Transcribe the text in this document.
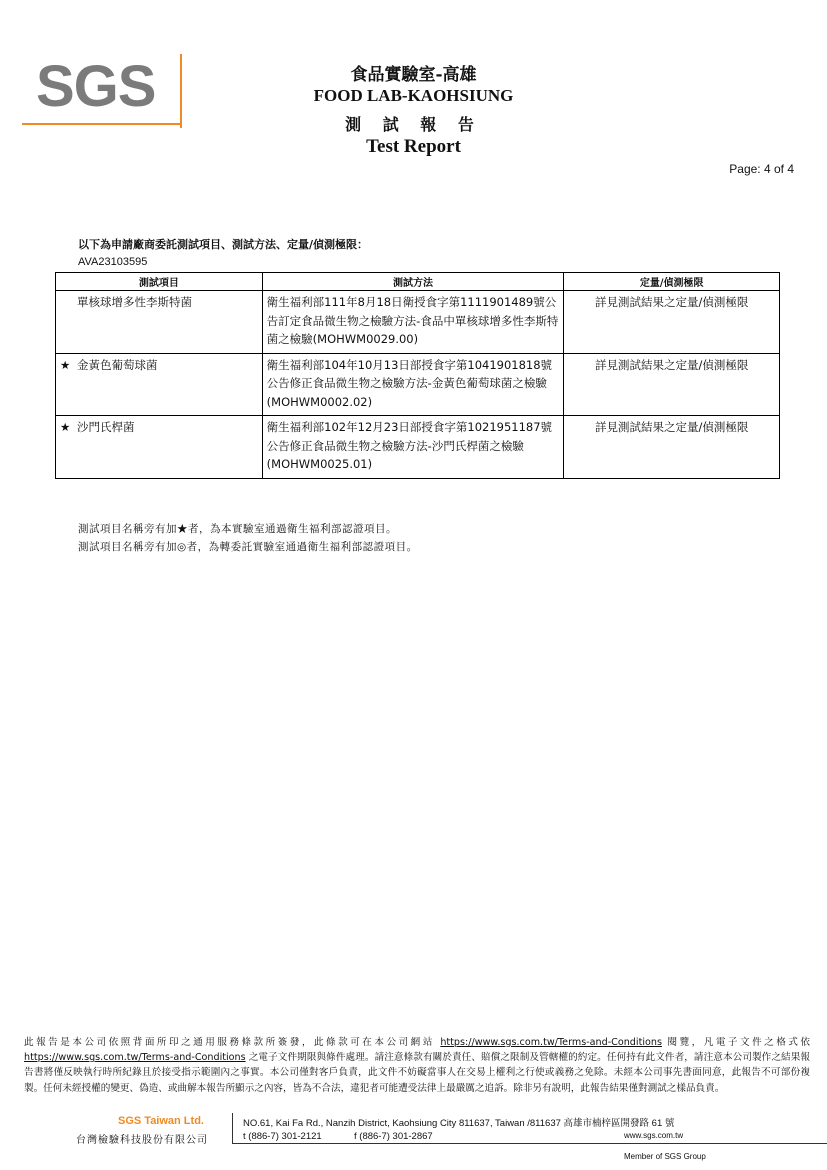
SGS	食品實驗室-高雄
FOOD LAB-KAOHSIUNG
測 試 報 告
Test Report
Page: 4 of 4
以下為申請廠商委託測試項目、測試方法、定量/偵測極限：
AVA23103595
測試項目	測試方法	定量/偵測極限
單核球增多性李斯特菌	衛生福利部111年8月18日衛授食字第1111901489號公告訂定食品微生物之檢驗方法-食品中單核球增多性李斯特菌之檢驗(MOHWM0029.00)	詳見測試結果之定量/偵測極限
★ 金黃色葡萄球菌	衛生福利部104年10月13日部授食字第1041901818號公告修正食品微生物之檢驗方法-金黃色葡萄球菌之檢驗(MOHWM0002.02)	詳見測試結果之定量/偵測極限
★ 沙門氏桿菌	衛生福利部102年12月23日部授食字第1021951187號公告修正食品微生物之檢驗方法-沙門氏桿菌之檢驗(MOHWM0025.01)	詳見測試結果之定量/偵測極限
測試項目名稱旁有加★者，為本實驗室通過衛生福利部認證項目。
測試項目名稱旁有加◎者，為轉委託實驗室通過衛生福利部認證項目。
此報告是本公司依照背面所印之通用服務條款所簽發，此條款可在本公司網站 https://www.sgs.com.tw/Terms-and-Conditions 閱覽，凡電子文件之格式依https://www.sgs.com.tw/Terms-and-Conditions 之電子文件期限與條件處理。請注意條款有關於責任、賠償之限制及管轄權的約定。任何持有此文件者，請注意本公司製作之結果報告書將僅反映執行時所紀錄且於接受指示範圍內之事實。本公司僅對客戶負責，此文件不妨礙當事人在交易上權利之行使或義務之免除。未經本公司事先書面同意，此報告不可部份複製。任何未經授權的變更、偽造、或曲解本報告所顯示之內容，皆為不合法，違犯者可能遭受法律上最嚴厲之追訴。除非另有說明，此報告結果僅對測試之樣品負責。
SGS Taiwan Ltd.
台灣檢驗科技股份有限公司
NO.61, Kai Fa Rd., Nanzih District, Kaohsiung City 811637, Taiwan /811637 高雄市楠梓區開發路 61 號
t (886-7) 301-2121	f (886-7) 301-2867	www.sgs.com.tw
Member of SGS Group
